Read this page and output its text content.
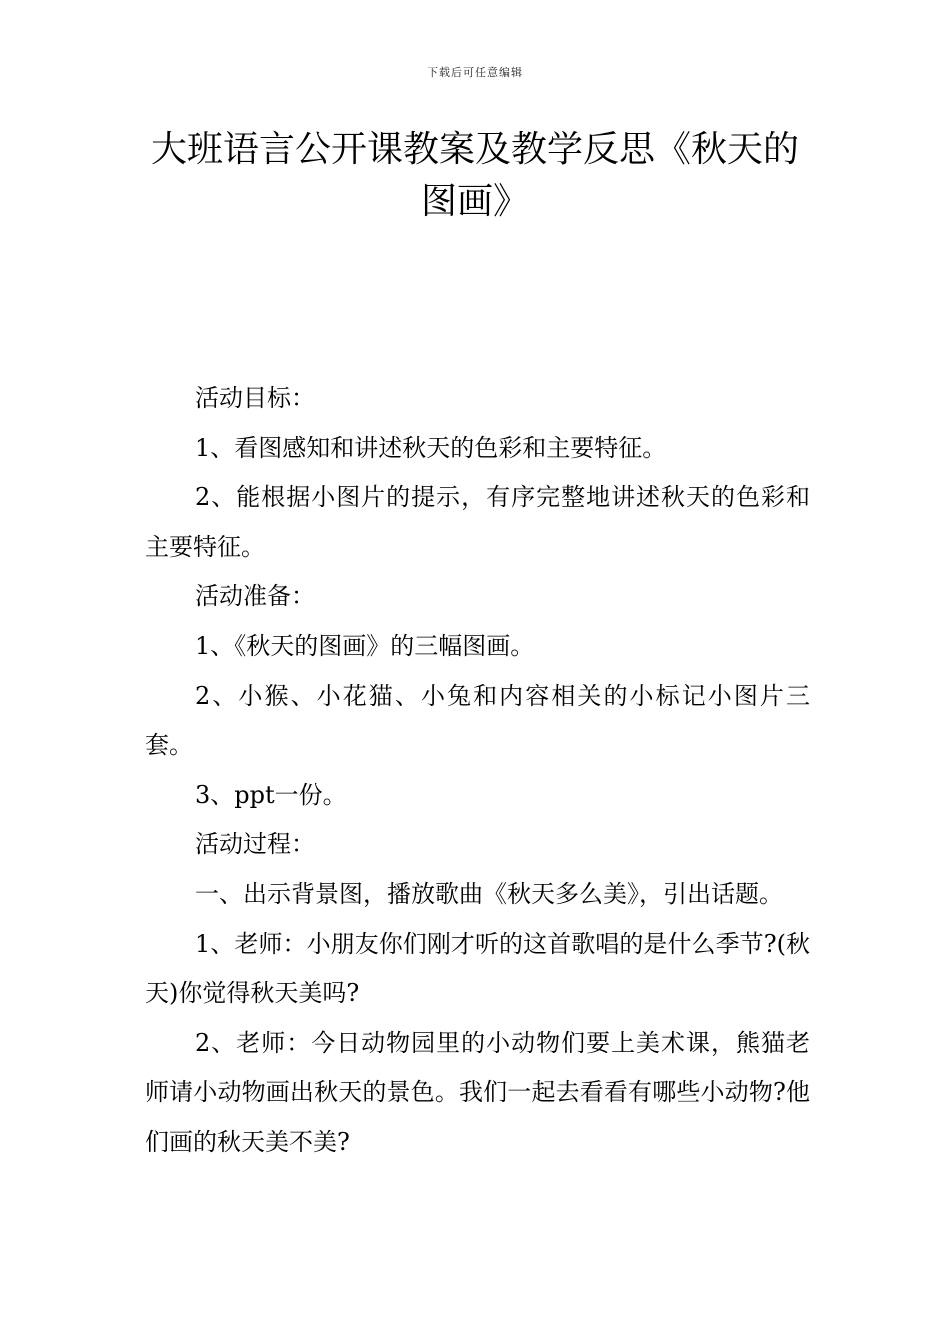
下载后可任意编辑
大班语言公开课教案及教学反思《秋天的图画》

活动目标：

1、看图感知和讲述秋天的色彩和主要特征。

2、能根据小图片的提示，有序完整地讲述秋天的色彩和主要特征。

活动准备：

1、《秋天的图画》的三幅图画。

2、小猴、小花猫、小兔和内容相关的小标记小图片三套。

3、ppt一份。

活动过程：

一、出示背景图，播放歌曲《秋天多么美》，引出话题。

1、老师：小朋友你们刚才听的这首歌唱的是什么季节?(秋天)你觉得秋天美吗?

2、老师：今日动物园里的小动物们要上美术课，熊猫老师请小动物画出秋天的景色。我们一起去看看有哪些小动物?他们画的秋天美不美?
